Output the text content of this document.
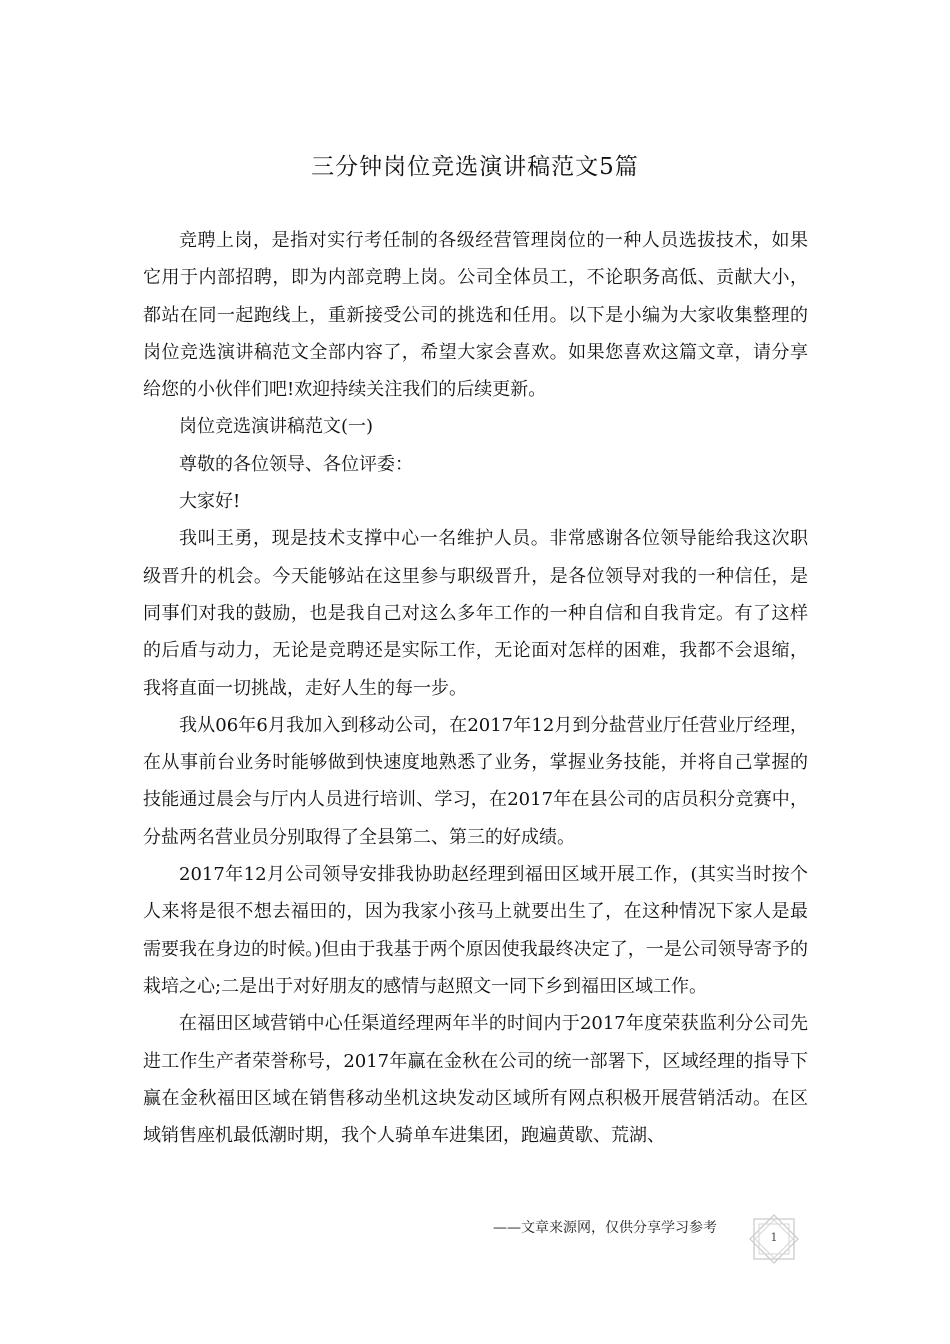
三分钟岗位竞选演讲稿范文5篇

竞聘上岗，是指对实行考任制的各级经营管理岗位的一种人员选拔技术，如果它用于内部招聘，即为内部竞聘上岗。公司全体员工，不论职务高低、贡献大小，都站在同一起跑线上，重新接受公司的挑选和任用。以下是小编为大家收集整理的岗位竞选演讲稿范文全部内容了，希望大家会喜欢。如果您喜欢这篇文章，请分享给您的小伙伴们吧!欢迎持续关注我们的后续更新。

岗位竞选演讲稿范文(一)

尊敬的各位领导、各位评委：

大家好!

我叫王勇，现是技术支撑中心一名维护人员。非常感谢各位领导能给我这次职级晋升的机会。今天能够站在这里参与职级晋升，是各位领导对我的一种信任，是同事们对我的鼓励，也是我自己对这么多年工作的一种自信和自我肯定。有了这样的后盾与动力，无论是竞聘还是实际工作，无论面对怎样的困难，我都不会退缩，我将直面一切挑战，走好人生的每一步。

我从06年6月我加入到移动公司，在2017年12月到分盐营业厅任营业厅经理，在从事前台业务时能够做到快速度地熟悉了业务，掌握业务技能，并将自己掌握的技能通过晨会与厅内人员进行培训、学习，在2017年在县公司的店员积分竞赛中，分盐两名营业员分别取得了全县第二、第三的好成绩。

2017年12月公司领导安排我协助赵经理到福田区域开展工作，(其实当时按个人来将是很不想去福田的，因为我家小孩马上就要出生了，在这种情况下家人是最需要我在身边的时候。)但由于我基于两个原因使我最终决定了，一是公司领导寄予的栽培之心;二是出于对好朋友的感情与赵照文一同下乡到福田区域工作。

在福田区域营销中心任渠道经理两年半的时间内于2017年度荣获监利分公司先进工作生产者荣誉称号，2017年赢在金秋在公司的统一部署下，区域经理的指导下赢在金秋福田区域在销售移动坐机这块发动区域所有网点积极开展营销活动。在区域销售座机最低潮时期，我个人骑单车进集团，跑遍黄歇、荒湖、

——文章来源网，仅供分享学习参考
1
